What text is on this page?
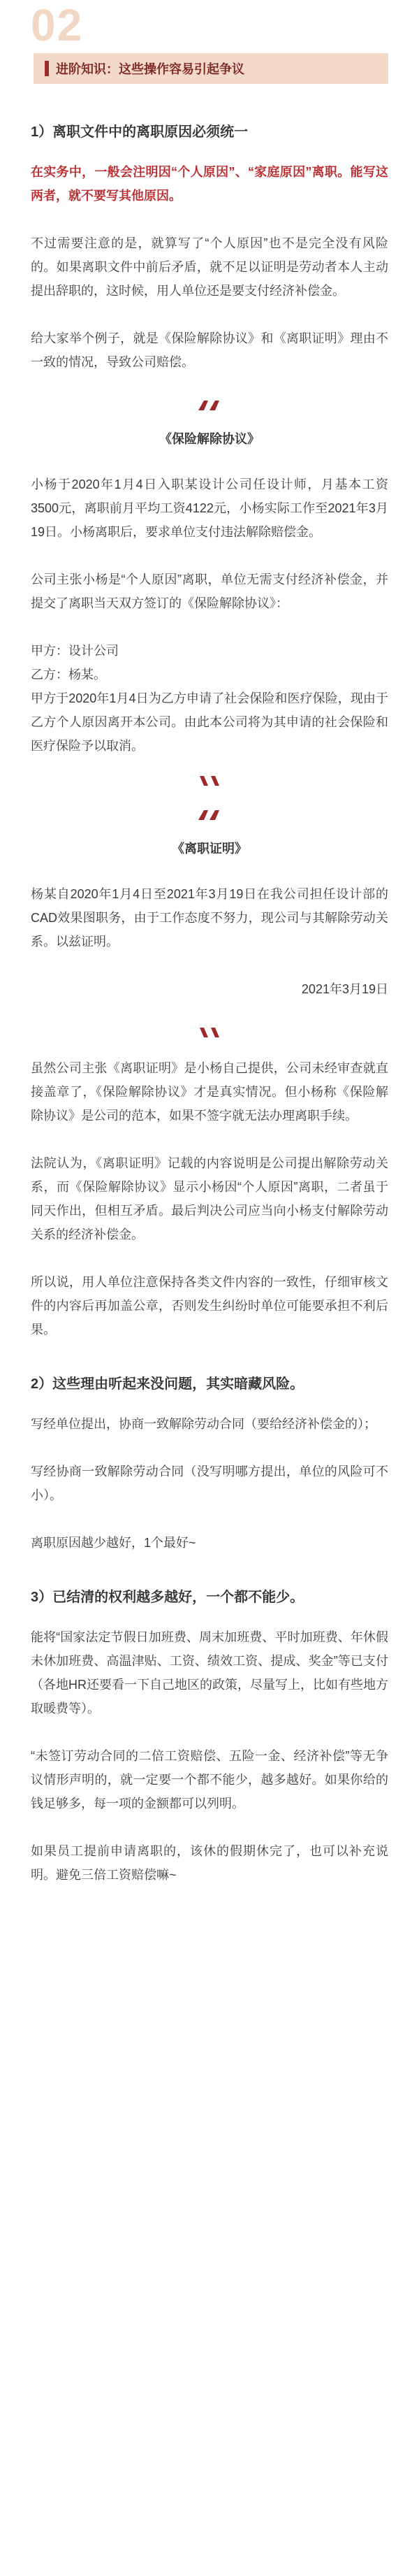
02
进阶知识：这些操作容易引起争议
1）离职文件中的离职原因必须统一

在实务中，一般会注明因“个人原因”、“家庭原因”离职。能写这两者，就不要写其他原因。

不过需要注意的是，就算写了“个人原因”也不是完全没有风险的。如果离职文件中前后矛盾，就不足以证明是劳动者本人主动提出辞职的，这时候，用人单位还是要支付经济补偿金。

给大家举个例子，就是《保险解除协议》和《离职证明》理由不一致的情况，导致公司赔偿。

《保险解除协议》

小杨于2020年1月4日入职某设计公司任设计师，月基本工资3500元，离职前月平均工资4122元，小杨实际工作至2021年3月19日。小杨离职后，要求单位支付违法解除赔偿金。

公司主张小杨是“个人原因”离职，单位无需支付经济补偿金，并提交了离职当天双方签订的《保险解除协议》：

甲方：设计公司

乙方：杨某。

甲方于2020年1月4日为乙方申请了社会保险和医疗保险，现由于乙方个人原因离开本公司。由此本公司将为其申请的社会保险和医疗保险予以取消。

《离职证明》

杨某自2020年1月4日至2021年3月19日在我公司担任设计部的CAD效果图职务，由于工作态度不努力，现公司与其解除劳动关系。以兹证明。

2021年3月19日

虽然公司主张《离职证明》是小杨自己提供，公司未经审查就直接盖章了，《保险解除协议》才是真实情况。但小杨称《保险解除协议》是公司的范本，如果不签字就无法办理离职手续。

法院认为，《离职证明》记载的内容说明是公司提出解除劳动关系，而《保险解除协议》显示小杨因“个人原因”离职，二者虽于同天作出，但相互矛盾。最后判决公司应当向小杨支付解除劳动关系的经济补偿金。

所以说，用人单位注意保持各类文件内容的一致性，仔细审核文件的内容后再加盖公章，否则发生纠纷时单位可能要承担不利后果。

2）这些理由听起来没问题，其实暗藏风险。

写经单位提出，协商一致解除劳动合同（要给经济补偿金的）；

写经协商一致解除劳动合同（没写明哪方提出，单位的风险可不小）。

离职原因越少越好，1个最好~

3）已结清的权利越多越好，一个都不能少。

能将“国家法定节假日加班费、周末加班费、平时加班费、年休假未休加班费、高温津贴、工资、绩效工资、提成、奖金”等已支付（各地HR还要看一下自己地区的政策，尽量写上，比如有些地方取暖费等）。

“未签订劳动合同的二倍工资赔偿、五险一金、经济补偿”等无争议情形声明的，就一定要一个都不能少，越多越好。如果你给的钱足够多，每一项的金额都可以列明。

如果员工提前申请离职的，该休的假期休完了，也可以补充说明。避免三倍工资赔偿嘛~
